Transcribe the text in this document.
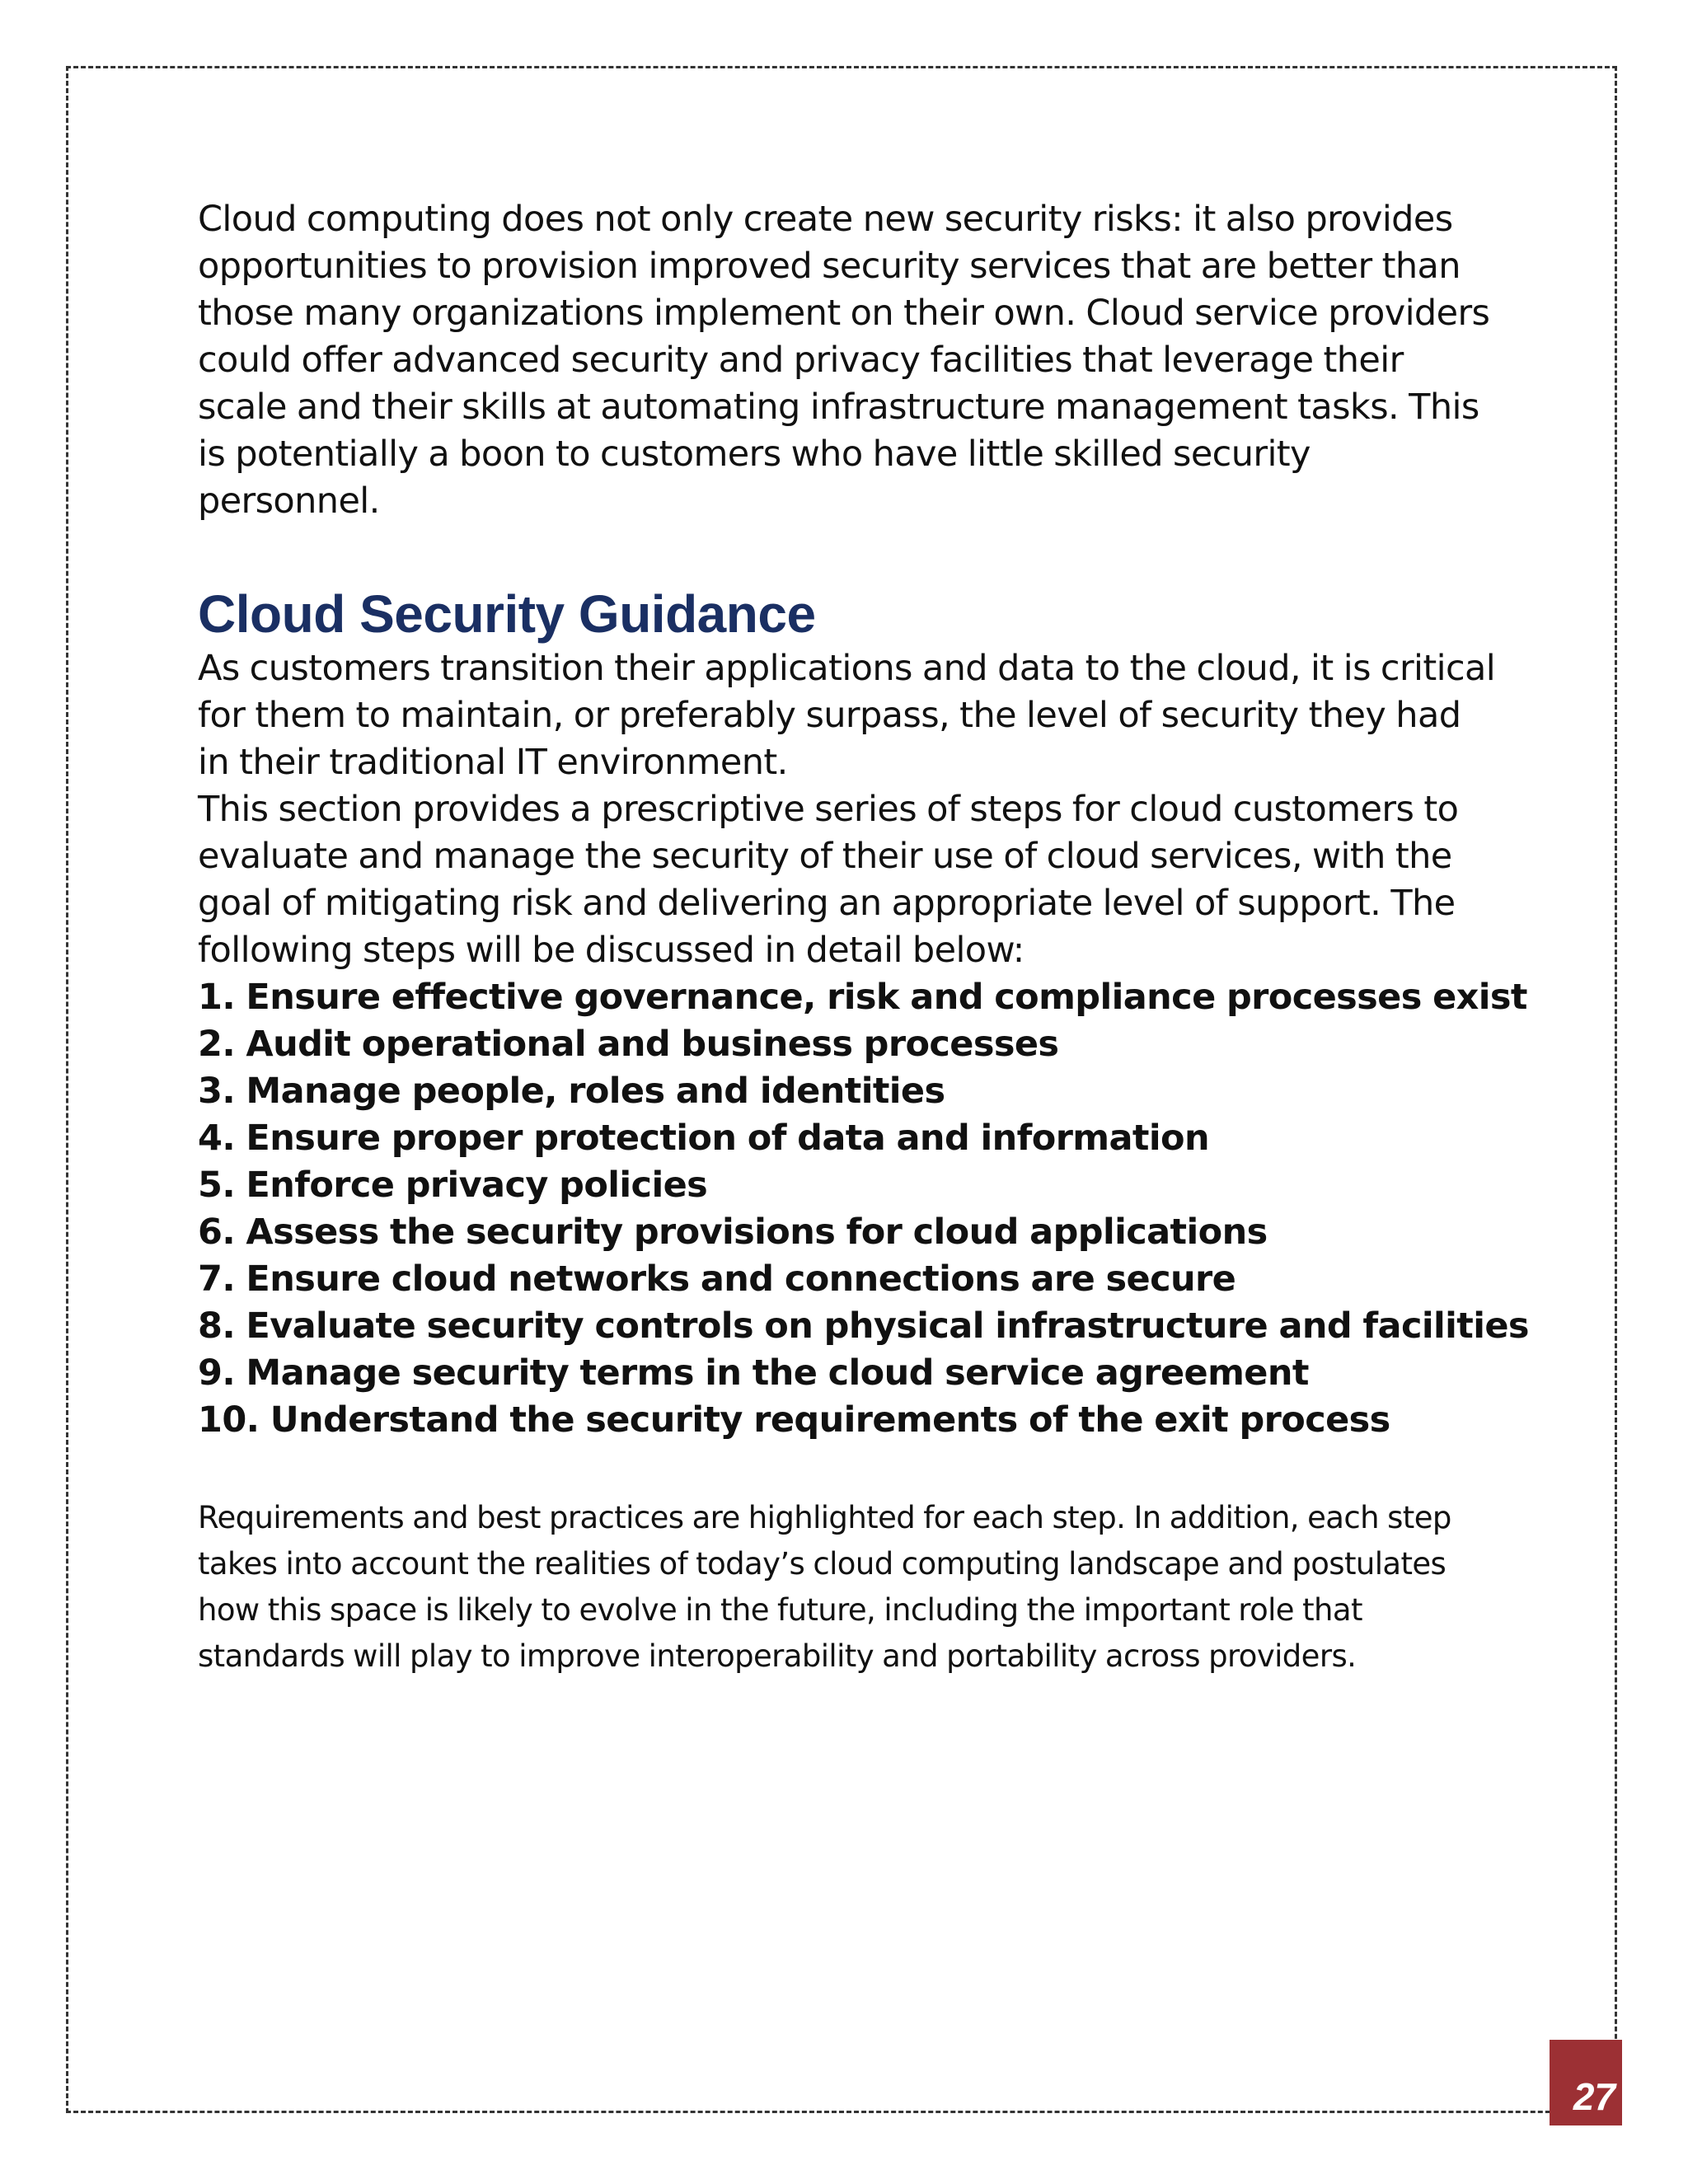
Cloud computing does not only create new security risks: it also provides opportunities to provision improved security services that are better than those many organizations implement on their own. Cloud service providers could offer advanced security and privacy facilities that leverage their scale and their skills at automating infrastructure management tasks. This is potentially a boon to customers who have little skilled security personnel.

Cloud Security Guidance

As customers transition their applications and data to the cloud, it is critical for them to maintain, or preferably surpass, the level of security they had in their traditional IT environment.

This section provides a prescriptive series of steps for cloud customers to evaluate and manage the security of their use of cloud services, with the goal of mitigating risk and delivering an appropriate level of support. The following steps will be discussed in detail below:

1. Ensure effective governance, risk and compliance processes exist
2. Audit operational and business processes
3. Manage people, roles and identities
4. Ensure proper protection of data and information
5. Enforce privacy policies
6. Assess the security provisions for cloud applications
7. Ensure cloud networks and connections are secure
8. Evaluate security controls on physical infrastructure and facilities
9. Manage security terms in the cloud service agreement
10. Understand the security requirements of the exit process

Requirements and best practices are highlighted for each step. In addition, each step takes into account the realities of today’s cloud computing landscape and postulates how this space is likely to evolve in the future, including the important role that standards will play to improve interoperability and portability across providers.

27
